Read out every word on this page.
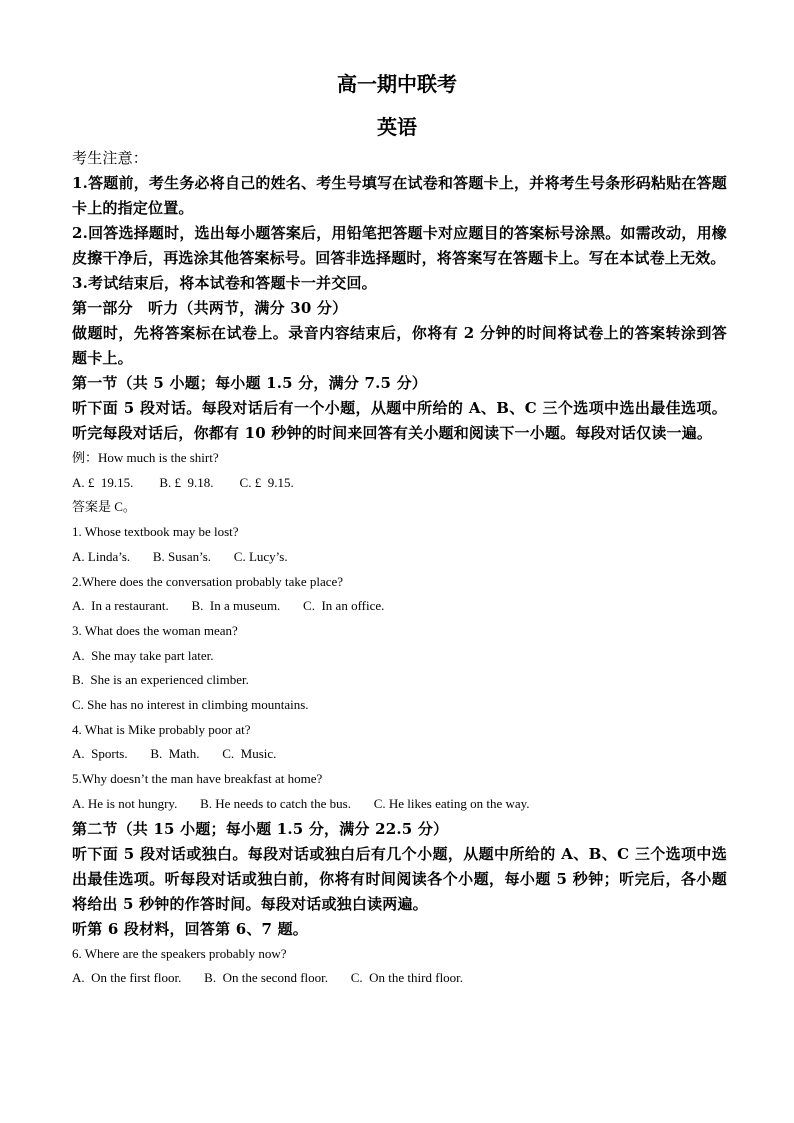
高一期中联考
英语
考生注意：
1.答题前，考生务必将自己的姓名、考生号填写在试卷和答题卡上，并将考生号条形码粘贴在答题卡上的指定位置。
2.回答选择题时，选出每小题答案后，用铅笔把答题卡对应题目的答案标号涂黑。如需改动，用橡皮擦干净后，再选涂其他答案标号。回答非选择题时，将答案写在答题卡上。写在本试卷上无效。
3.考试结束后，将本试卷和答题卡一并交回。
第一部分　听力（共两节，满分 30 分）
做题时，先将答案标在试卷上。录音内容结束后，你将有 2 分钟的时间将试卷上的答案转涂到答题卡上。
第一节（共 5 小题；每小题 1.5 分，满分 7.5 分）
听下面 5 段对话。每段对话后有一个小题，从题中所给的 A、B、C 三个选项中选出最佳选项。听完每段对话后，你都有 10 秒钟的时间来回答有关小题和阅读下一小题。每段对话仅读一遍。
例：How much is the shirt?
A. £  19.15.        B. £  9.18.        C. £  9.15.
答案是 C。
1. Whose textbook may be lost?
A. Linda’s.       B. Susan’s.       C. Lucy’s.
2.Where does the conversation probably take place?
A.  In a restaurant.       B.  In a museum.       C.  In an office.
3. What does the woman mean?
A.  She may take part later.
B.  She is an experienced climber.
C. She has no interest in climbing mountains.
4. What is Mike probably poor at?
A.  Sports.       B.  Math.       C.  Music.
5.Why doesn’t the man have breakfast at home?
A. He is not hungry.       B. He needs to catch the bus.       C. He likes eating on the way.
第二节（共 15 小题；每小题 1.5 分，满分 22.5 分）
听下面 5 段对话或独白。每段对话或独白后有几个小题，从题中所给的 A、B、C 三个选项中选出最佳选项。听每段对话或独白前，你将有时间阅读各个小题，每小题 5 秒钟；听完后，各小题将给出 5 秒钟的作答时间。每段对话或独白读两遍。
听第 6 段材料，回答第 6、7 题。
6. Where are the speakers probably now?
A.  On the first floor.       B.  On the second floor.       C.  On the third floor.
